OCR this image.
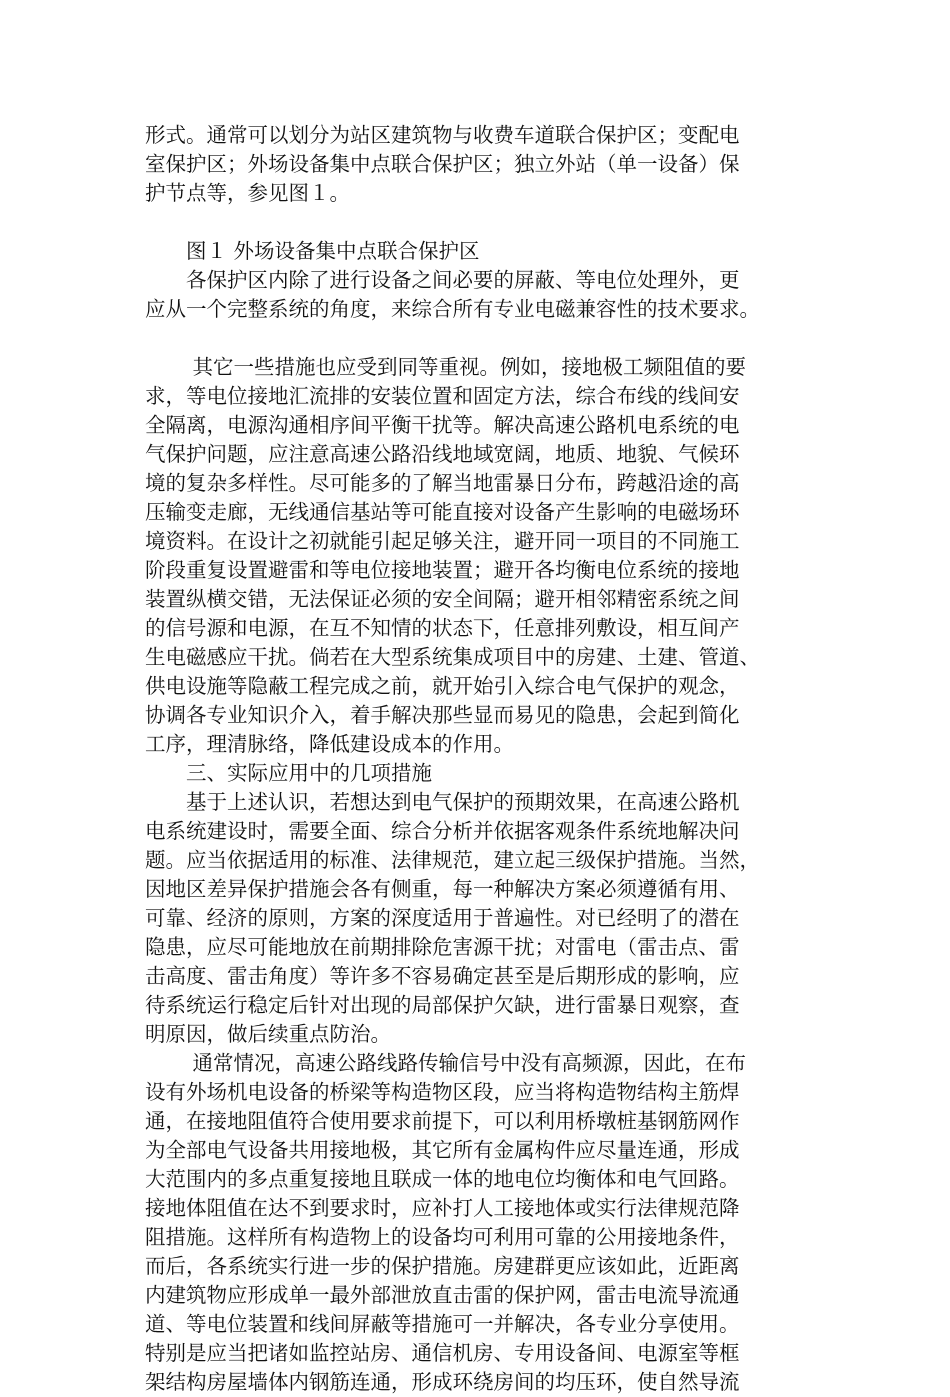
形式。通常可以划分为站区建筑物与收费车道联合保护区；变配电
室保护区；外场设备集中点联合保护区；独立外站（单一设备）保
护节点等，参见图１。
　　图１ 外场设备集中点联合保护区
　　各保护区内除了进行设备之间必要的屏蔽、等电位处理外，更
应从一个完整系统的角度，来综合所有专业电磁兼容性的技术要求。
　　 其它一些措施也应受到同等重视。例如，接地极工频阻值的要
求，等电位接地汇流排的安装位置和固定方法，综合布线的线间安
全隔离，电源沟通相序间平衡干扰等。解决高速公路机电系统的电
气保护问题，应注意高速公路沿线地域宽阔，地质、地貌、气候环
境的复杂多样性。尽可能多的了解当地雷暴日分布，跨越沿途的高
压输变走廊，无线通信基站等可能直接对设备产生影响的电磁场环
境资料。在设计之初就能引起足够关注，避开同一项目的不同施工
阶段重复设置避雷和等电位接地装置；避开各均衡电位系统的接地
装置纵横交错，无法保证必须的安全间隔；避开相邻精密系统之间
的信号源和电源，在互不知情的状态下，任意排列敷设，相互间产
生电磁感应干扰。倘若在大型系统集成项目中的房建、土建、管道、
供电设施等隐蔽工程完成之前，就开始引入综合电气保护的观念，
协调各专业知识介入，着手解决那些显而易见的隐患，会起到简化
工序，理清脉络，降低建设成本的作用。
　　三、实际应用中的几项措施
　　基于上述认识，若想达到电气保护的预期效果，在高速公路机
电系统建设时，需要全面、综合分析并依据客观条件系统地解决问
题。应当依据适用的标准、法律规范，建立起三级保护措施。当然，
因地区差异保护措施会各有侧重，每一种解决方案必须遵循有用、
可靠、经济的原则，方案的深度适用于普遍性。对已经明了的潜在
隐患，应尽可能地放在前期排除危害源干扰；对雷电（雷击点、雷
击高度、雷击角度）等许多不容易确定甚至是后期形成的影响，应
待系统运行稳定后针对出现的局部保护欠缺，进行雷暴日观察，查
明原因，做后续重点防治。
　　 通常情况，高速公路线路传输信号中没有高频源，因此，在布
设有外场机电设备的桥梁等构造物区段，应当将构造物结构主筋焊
通，在接地阻值符合使用要求前提下，可以利用桥墩桩基钢筋网作
为全部电气设备共用接地极，其它所有金属构件应尽量连通，形成
大范围内的多点重复接地且联成一体的地电位均衡体和电气回路。
接地体阻值在达不到要求时，应补打人工接地体或实行法律规范降
阻措施。这样所有构造物上的设备均可利用可靠的公用接地条件，
而后，各系统实行进一步的保护措施。房建群更应该如此，近距离
内建筑物应形成单一最外部泄放直击雷的保护网，雷击电流导流通
道、等电位装置和线间屏蔽等措施可一并解决，各专业分享使用。
特别是应当把诸如监控站房、通信机房、专用设备间、电源室等框
架结构房屋墙体内钢筋连通，形成环绕房间的均压环，使自然导流
